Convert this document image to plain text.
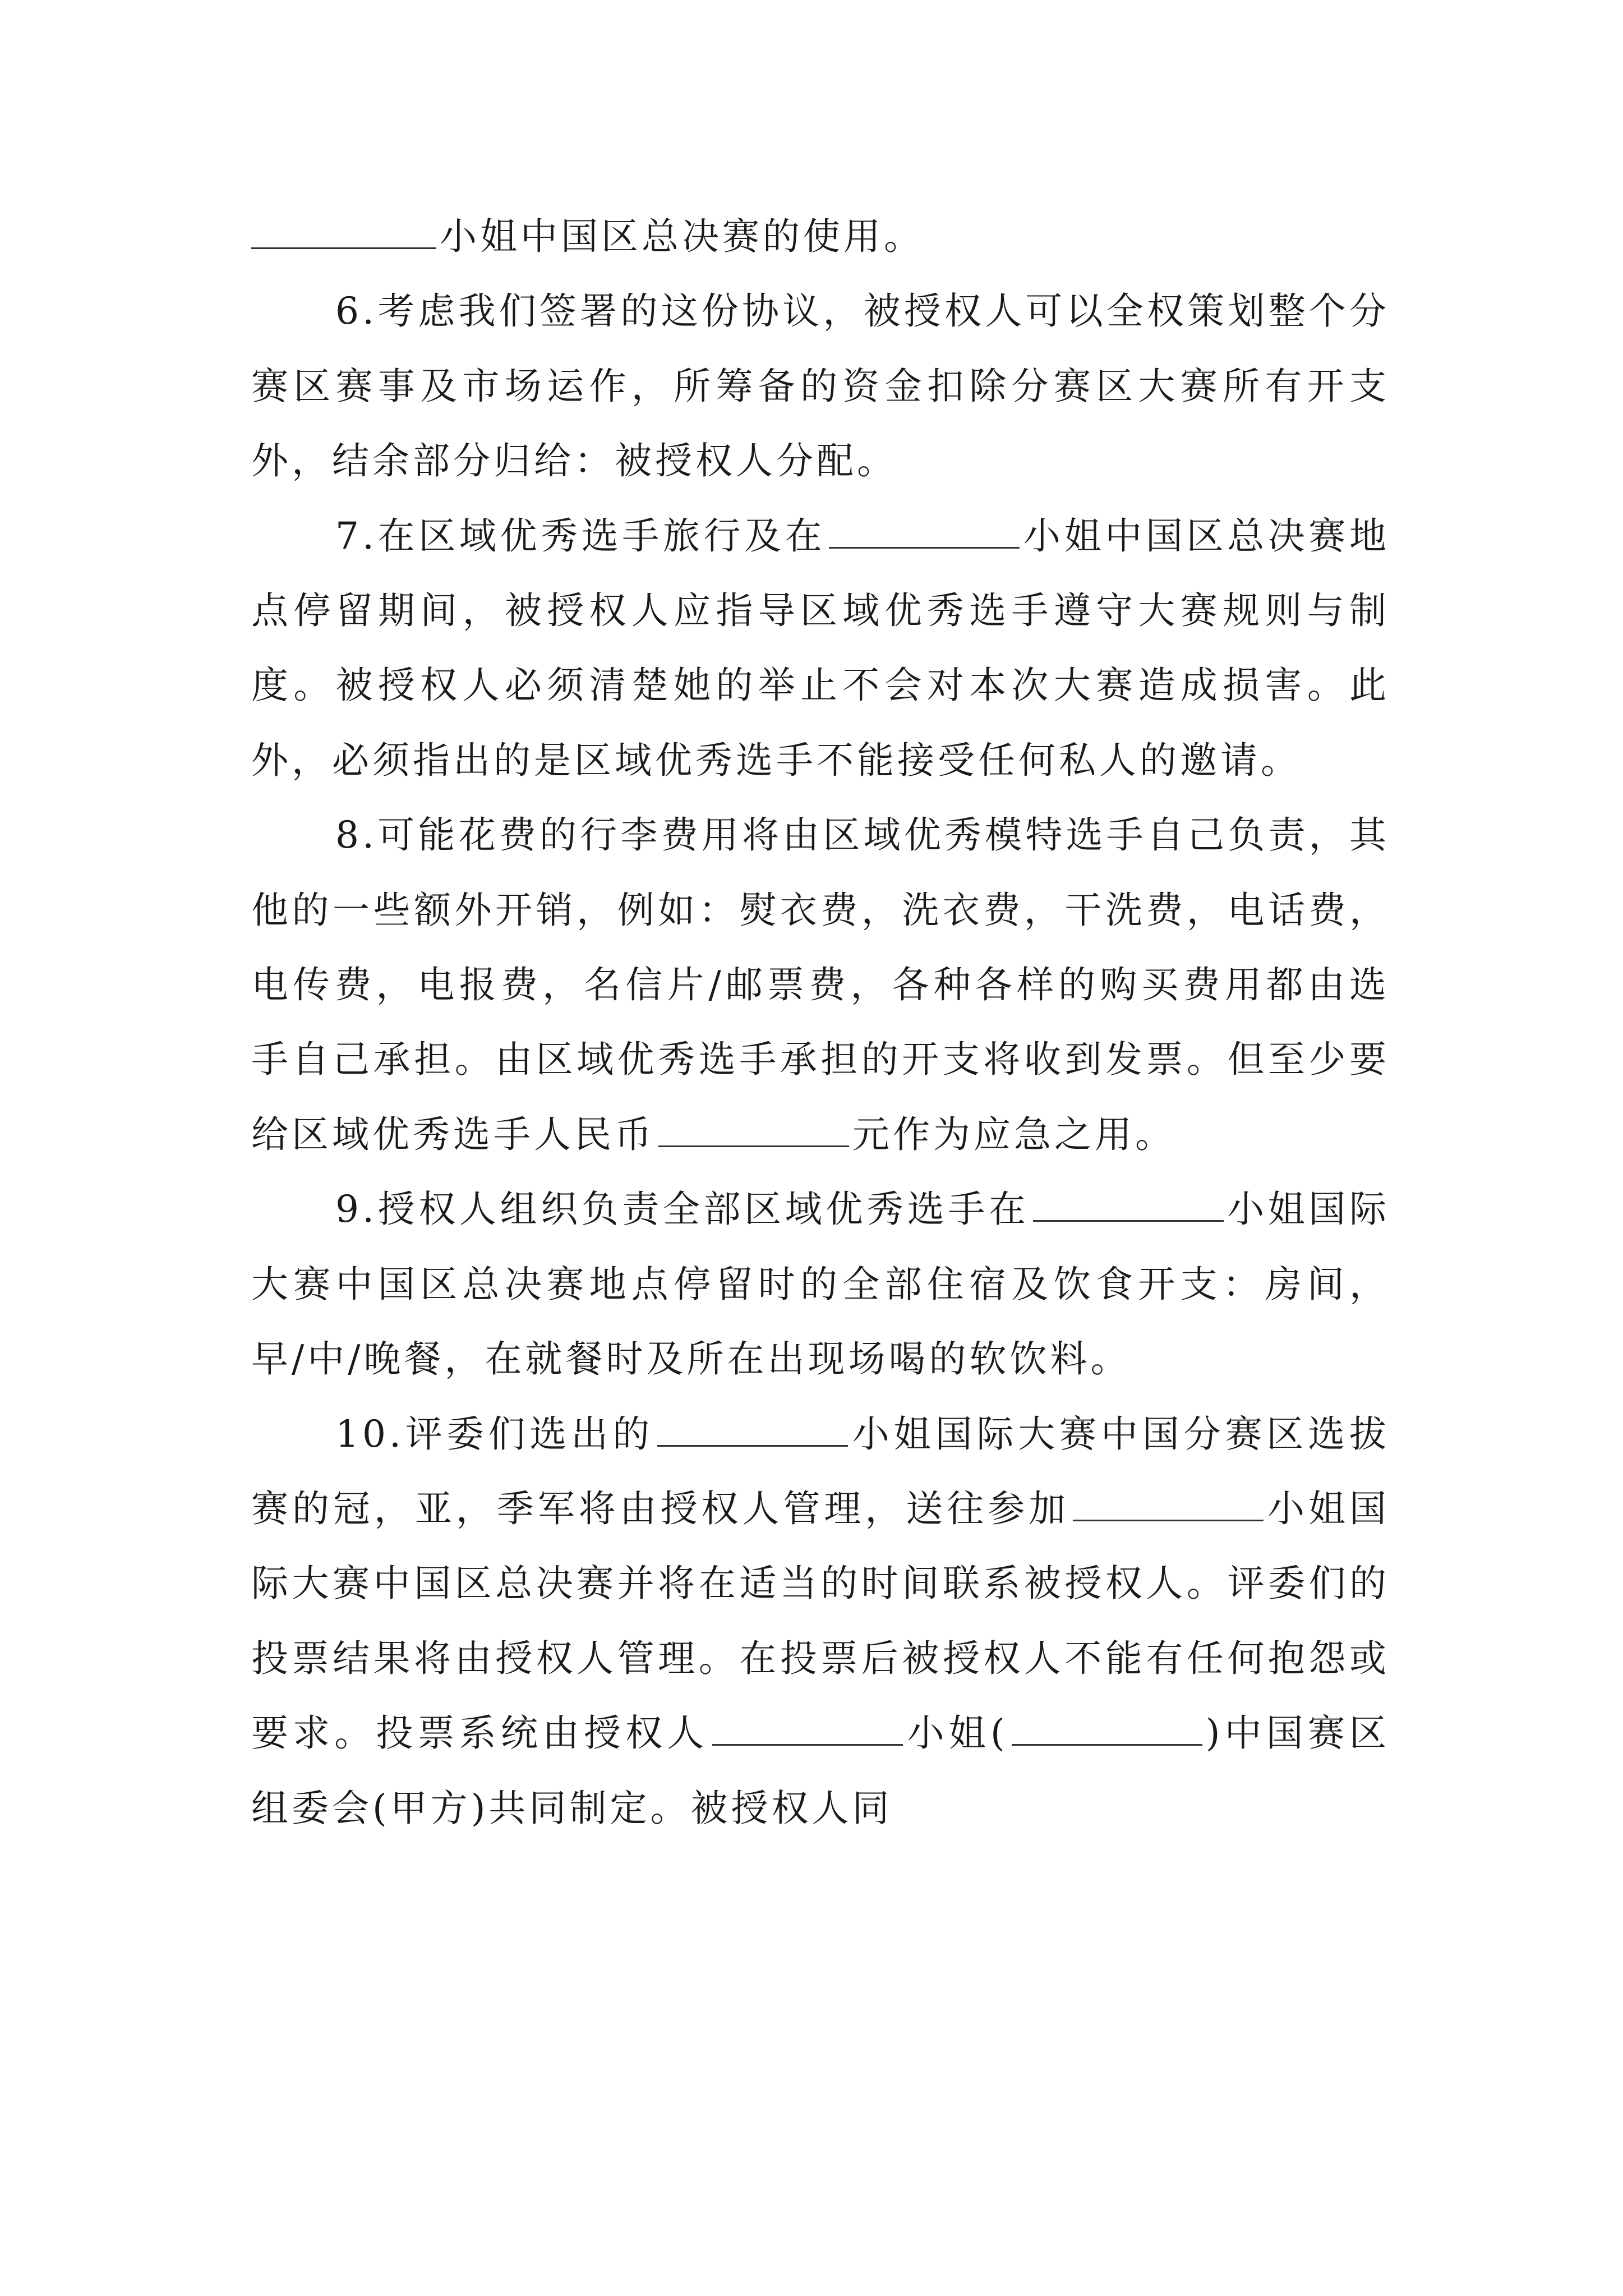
小姐中国区总决赛的使用。

6.考虑我们签署的这份协议，被授权人可以全权策划整个分赛区赛事及市场运作，所筹备的资金扣除分赛区大赛所有开支外，结余部分归给：被授权人分配。

7.在区域优秀选手旅行及在	小姐中国区总决赛地点停留期间，被授权人应指导区域优秀选手遵守大赛规则与制度。被授权人必须清楚她的举止不会对本次大赛造成损害。此外，必须指出的是区域优秀选手不能接受任何私人的邀请。

8.可能花费的行李费用将由区域优秀模特选手自己负责，其他的一些额外开销，例如：熨衣费，洗衣费，干洗费，电话费，电传费，电报费，名信片/邮票费，各种各样的购买费用都由选手自己承担。由区域优秀选手承担的开支将收到发票。但至少要给区域优秀选手人民币	元作为应急之用。

9.授权人组织负责全部区域优秀选手在	小姐国际大赛中国区总决赛地点停留时的全部住宿及饮食开支：房间，早/中/晚餐，在就餐时及所在出现场喝的软饮料。

10.评委们选出的	小姐国际大赛中国分赛区选拔赛的冠，亚，季军将由授权人管理，送往参加	小姐国际大赛中国区总决赛并将在适当的时间联系被授权人。评委们的投票结果将由授权人管理。在投票后被授权人不能有任何抱怨或要求。投票系统由授权人	小姐(	)中国赛区组委会(甲方)共同制定。被授权人同
